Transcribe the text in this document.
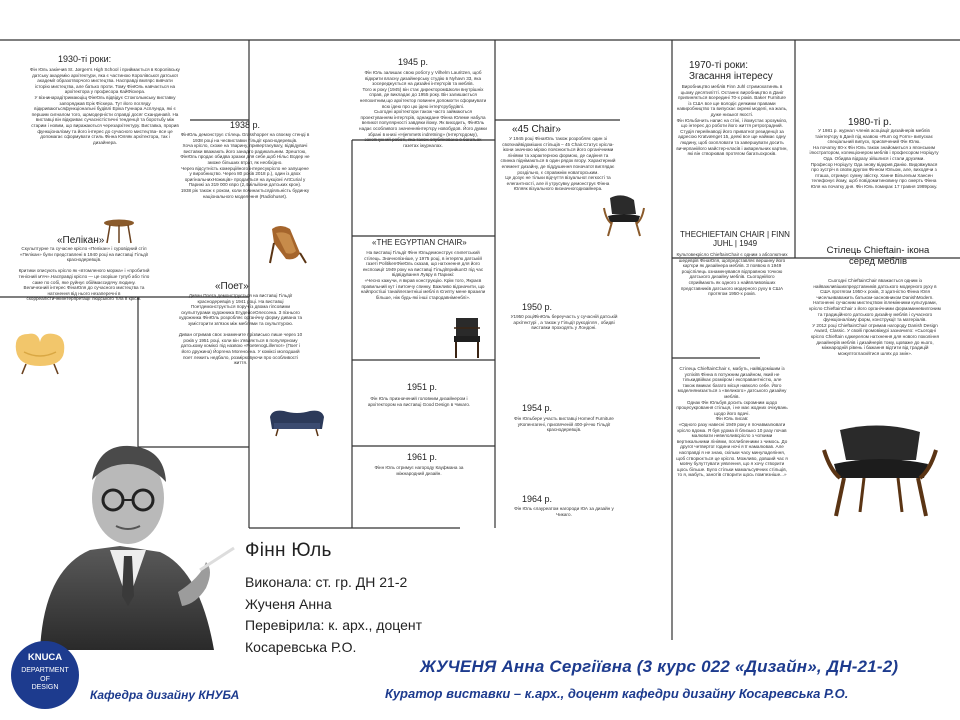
1930-ті роки:
Фін Юль закінчив St. Jørgen's High School і приймається в Королівську датську академію архітектури, яка є частиною Королівської датської академії образотворчого мистецтва. Насправді вмлярс вивчати історію мистецтва, але батько проти. Тому ФінЮль навчається на архітектора у професора КайФіскера.
У візнинарадітримаюціщ ФінЮль відвідує Стокгольмську виставку запоряджав Ерік Фіскера. Тут його погляду відкриваютьсяфункціональні будівлі Еріка Гуннара Асплунда, які є першим сигналом того, щомодерністи справді досяг Скандинавії. На виставці він відкриває сучасністістичні тенденції та боротьбу між старим і новим, що виражаються черезархітектуру. Виставка, прорив функціоналізму та його інтерес до сучасного мистецтва- все це допомагає сформувати стиль Фінна Юляяк архітектора, так і дизайнера.
1938 р.
ФінЮль демонструє стілець Grasshopper на своєму стенді в 1938 році на чесвиставки Гільдії краснодеревців.
Хоча крісло, схоже на тварину, привертаєувагу, відвідувачі виставки вважають його занадто радикальним. Зрештою, ФінЮль продає обидва зразки для себе,щоб Нільс Водер не зможе більших втрат, як необхідно.
Через відсутність комерційного інтересукрісло не запущене у виробництво. Через 80 років 2018 р.), один із двох оригінальнихНожиців» продається на аукціоні ArtCurial у Парижі за 319 000 євро (2,4мільйони датських крон).
1938 рік також є роком, коли починаєтьсядіяльність будинку національного моделення (Radiohuset).
«Пелікан»
Скульптурне та сучасне крісло «Пелікан» і суровідний стіл «Пелікан» були представлені в 1940 році на виставці Гільдії краснодеревців.

Критики описують крісло як «втомленого моржа» і «пробитий тенісний м'яч».Насправді крісло — це скоріше тупуб або тіло саме по собі, яке руйнує обіймаєсидячу людину.
Величезний інтерес ФінаЮля до сучасного мистецтва та натхнення від нього незаперечні в скорреалістичнійінтерпретації людського тіла в кріслі.
«Поет»
Диван Поета демонструється на виставці Гільдії краснодеревців у 1941 році. На виставці Поетдемонструється поруч із двома гіпсовими скульптурами художника ЕгудейсеОлессена. З пізнього художника ФінЮль розробляє органічну форму дивана та зумісторити зв'язок між меблями та скульптурою.

Диван отримав своє знамените прізвисько лише через 10 років у 1951 році, коли він з'являється в популярному датському коміксі під назвою «PoetenogLillemor» (Поет і його дружина) Йоргена Могенсена. У коміксі молодший поет лежить недбало, розмірковуючи про особливості життя.
1945 р.
Фін Юль залишає свою роботу у Vilhelm Lauritzen, щоб відкрити власну дизайнерську студію в Nyhavn 33, яка зосереджується на дизайні інтер'єрів та меблів.
Того ж року (1945) він стає директоромШколи внутрішніх справ, де викладає до 1955 року. Він залишається непохитним,що архітектор повинен допомогти сформувати всю ідею про цю ідею інтер'єрубудівлі.
Сьогодні архітектори також часто займаються проектуванням інтер'єрів, однакдане Фінна Юлеме набула великої популярності завдяки йому. Як виходить, ФінЮль надає особливого значенняінтер'єру новобудов. Його думки збрані в книзі «Hjemmets indretning» (Інтер'єрдому), закопнукний роботі, яка також опублікована в багатьох газетах іжурналах.
«45 Chair»
У 1945 році ФінаЮль також розробляє один зі своїхнайвідоміших стільців – 45 Chair.Статус крісла-ікони значною мірою пояснюється його органічними лініями та характерною формою, де сидіння та спинка піднімаються в один рядок вгору. Характерний елемент дизайну, де піддушення поначатої виглядає роздільно, є справжнім новаторським.
Це дозує не тільки відчуття візуальної легкості та елегантності, але й утрусувку демонструє Фінна Юляяк візуального визначногодизайнера.
«THE EGYPTIAN CHAIR»
На виставці Гільдії Фінн Юльдемонструє єгипетський стілець. Значнопізніше, у 1975 році, в інтерв'ю датській газеті PolitikenФінЮль сказав, що натхнення для його експозиції 1949 року на виставці ГільдіїприйшлО під час відвідування Лувру в Парижі:
«Чесно кажучи, я вкрав конструкцію. Крім того, Якраєв правильний кут і витончу спинку. Важливо відзначити, що найпростіші танайлегантніші меблі в Єгипту мене вразили більше, ніж будь-які інші стародавніменблі».
1950 р.
У1950 роціФінЮль береучасть у сучасній датській архітектурі , а також у Гільдії рукоділля , обидві виставки проходять у Лондоні.
1951 р.
Фін Юль призначений головним дизайнером і архітектором на виставці Good Design в Чикаго.	1954 р.
Фін Юльбере участь виставці Homeof Furniture уКопенгагені, присвяченій 400-річчю Гільдії краснодеревців.
1961 р.
Фінн Юль отримує нагороду Кауфмана за міжнародний дизайн.
1964 р.
Фін Юль єлауреатом нагороди ЮА за дизайн у Чикаго.
1970-ті роки:
Згасання інтересу
Виробництво меблів Finn Juhl стримохатиняь в цьому десятилітті. Останнє виробництво в Данії припиняється всередині 70-х років. Baker Furniture із США все ще володіє деякими правами навиробництво та випускає окремі моделі, на жаль, дуже низької якості.
Фін Юльбачить напис на стіні, і йомустає зрозуміло, що інтерес до роботи його життя ретроградний. Студія перейнаводі його приватної резиденції за адресою Kratvænget 15, деякі все ще наймає одну людину, щоб охопловати та завершувати досить вичерпанійого майстер-класів і акварельних картин, які він створював протягом багатьохроків.
1980-ті р.
У 1981 р. журнал членів асоціації дизайнерів меблів таінтер'єру в Данії під назвою «Rum og Form» випускає спеціальний випуск, присвячений Фін Юлю.
На початку 80-х Фін Юль також знайомиться з японським ілюстратором, колекціонером меблів і професором Норіцугу Ода. Обидва відразу зійшлися і стали друзями.
Професор Норіцугу Ода знову відкрив Данію. Видовжувася про зустріч в своїм другом Фінном Юльом, але, виходячи з пташа, отримує сумну звістку. Ханне Вільгельм Хансен телефонує йому, щоб повідомитиновину про смерть Фінна Юля на початку дня. Фін Юль помирає 17 травня 1989року.
THECHIEFTAIN CHAIR | FINN JUHL | 1949
Культовекрісло ChieftainChair є одним з абсолютних шедеврів ФінаЮля, щопредставляє вершину його кар'єри як дизайнера меблів. З появою в 1949 роціспілець ознаменувався відправною точкою датського дизайну меблів. Сьогоднійого сприймають як одного з найвпливовіших представників датського модерного руху в США протягом 1950-х років.
Стілець Chieftain- ікона серед меблів
Сьогодні ChieftainChair вважається одним із найважливішихпредставників датського модерного руху в США протягом 1950-х років, З здатністю Фінна Юля чисельиваважить батьком-засновником DanishModern.
Натхненні сучасним мистецтвом іплемінними культурами, крісло ChieftainChair з його органічними формаминевилгоним та традиційного датського дизайну меблів і сучасного функціоналізму форм, конструкції та матеріалів.
У 2012 році ChieftainChair отримав нагороду Danish Design Award, Classic. У свойі промовіжурі зазначило: «Сьогодні крісло Chieftain єджерелом натхнення для нового покоління дизайнерів меблів і дизайнерів тому, щоваже до нього, міжнародній рівень і бажання відтити від традицій можуптогласкйтися шлях до змін».
Стілець ChieftainChair є, мабуть, найвідомішим із успіхіїв Фінна в потужним дизайном, який не тількидвійкає розміром і експравантністю, але також вмикає багато місця навколо себе. Його моделнянизається з «великого» датського дизайну меблів.
Однак Фін Юльбув досить скромним щодо процесукровання стільця, і не має жодних очікувань щодо його вдачі.
Фін Юль писав:
«Одного разу навесні 1949 року я почавмалювати крісло вдома. Я був удома й близько 10 разу почав малювати невелоливсрісло з чоткими вертикальними лініями, поглибленими з чимось. До другої четвертої години ночі я її намалював. Але насправді я не знаю, скільки часу минуладеління, щоб створюється це крісло. Можливо, довший час я мовчу булуттувати уявлення, що я хочу створити щось більше. Було стільки мамальсувчних стільців, то я, мабуть, занотів створити щось помпезніше...»
Фінн Юль
Виконала: ст. гр. ДН 21-2
Жученя Анна
Перевірила: к. арх., доцент
Косаревська Р.О.
KNUCA
DEPARTMENT
OF
DESIGN
Кафедра дизайну КНУБА
ЖУЧЕНЯ Анна Сергіївна (3 курс 022 «Дизайн», ДН-21-2)
Куратор виставки – к.арх., доцент кафедри дизайну Косаревська Р.О.
